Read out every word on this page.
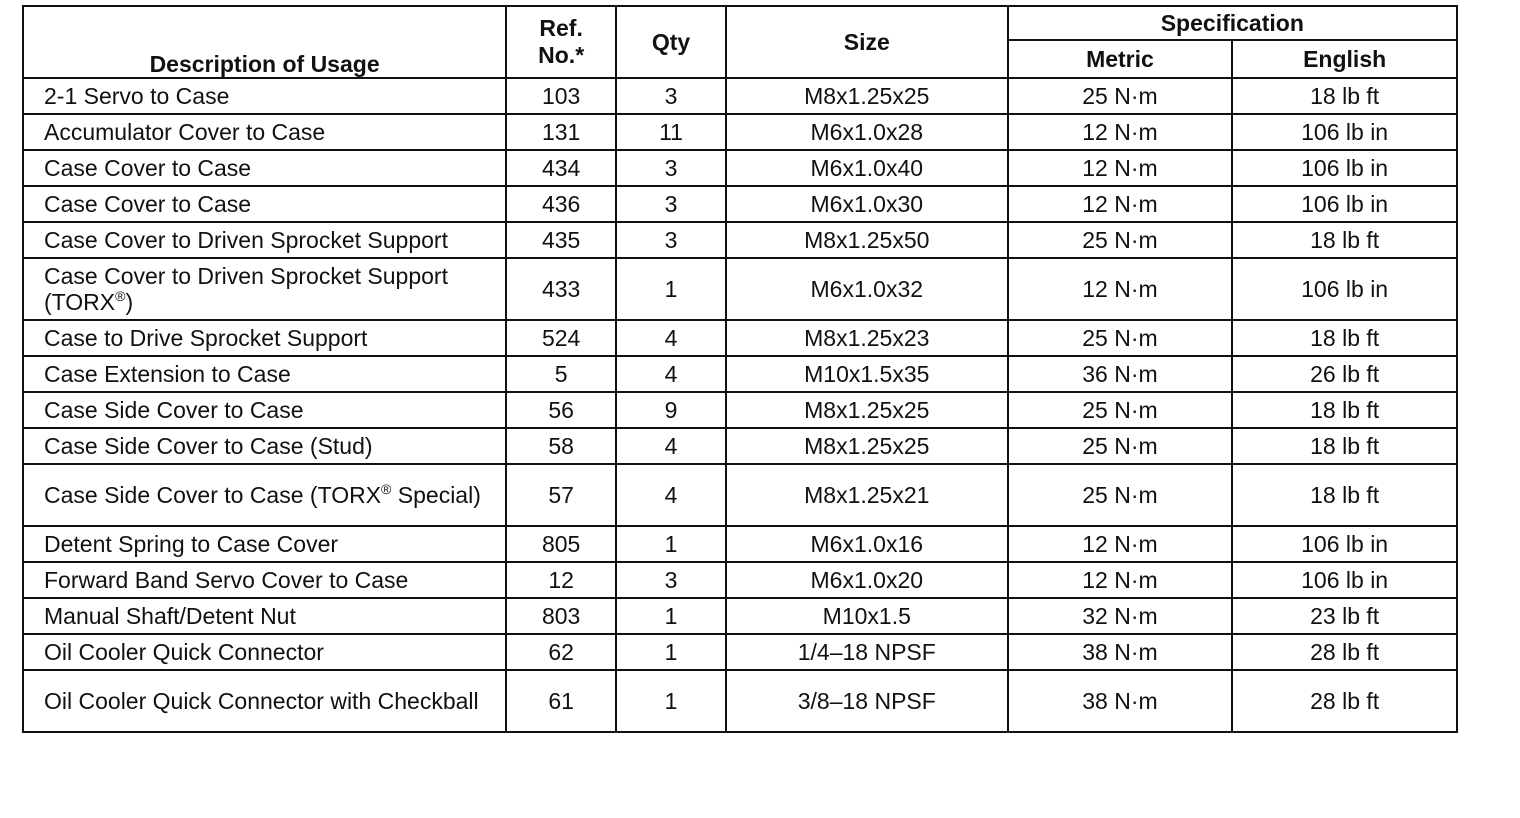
Description of Usage	Ref. No.*	Qty	Size	Specification	
				Metric	English
2-1 Servo to Case	103	3	M8x1.25x25	25 N·m	18 lb ft
Accumulator Cover to Case	131	11	M6x1.0x28	12 N·m	106 lb in
Case Cover to Case	434	3	M6x1.0x40	12 N·m	106 lb in
Case Cover to Case	436	3	M6x1.0x30	12 N·m	106 lb in
Case Cover to Driven Sprocket Support	435	3	M8x1.25x50	25 N·m	18 lb ft
Case Cover to Driven Sprocket Support (TORX®)	433	1	M6x1.0x32	12 N·m	106 lb in
Case to Drive Sprocket Support	524	4	M8x1.25x23	25 N·m	18 lb ft
Case Extension to Case	5	4	M10x1.5x35	36 N·m	26 lb ft
Case Side Cover to Case	56	9	M8x1.25x25	25 N·m	18 lb ft
Case Side Cover to Case (Stud)	58	4	M8x1.25x25	25 N·m	18 lb ft
Case Side Cover to Case (TORX® Special)	57	4	M8x1.25x21	25 N·m	18 lb ft
Detent Spring to Case Cover	805	1	M6x1.0x16	12 N·m	106 lb in
Forward Band Servo Cover to Case	12	3	M6x1.0x20	12 N·m	106 lb in
Manual Shaft/Detent Nut	803	1	M10x1.5	32 N·m	23 lb ft
Oil Cooler Quick Connector	62	1	1/4–18 NPSF	38 N·m	28 lb ft
Oil Cooler Quick Connector with Checkball	61	1	3/8–18 NPSF	38 N·m	28 lb ft
